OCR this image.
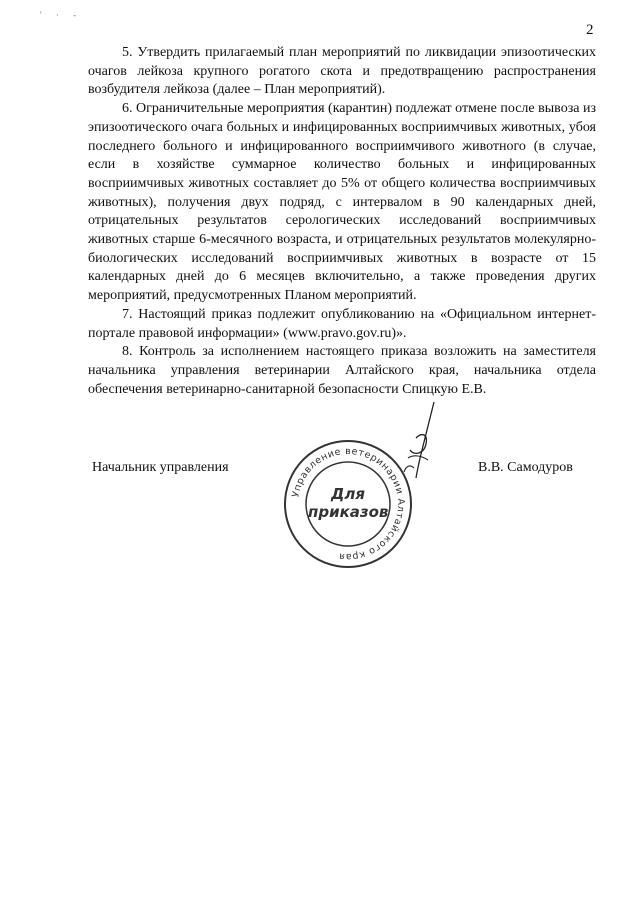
' · -
2

5. Утвердить прилагаемый план мероприятий по ликвидации эпизоотических очагов лейкоза крупного рогатого скота и предотвращению распространения возбудителя лейкоза (далее – План мероприятий).

6. Ограничительные мероприятия (карантин) подлежат отмене после вывоза из эпизоотического очага больных и инфицированных восприимчивых животных, убоя последнего больного и инфицированного восприимчивого животного (в случае, если в хозяйстве суммарное количество больных и инфицированных восприимчивых животных составляет до 5% от общего количества восприимчивых животных), получения двух подряд, с интервалом в 90 календарных дней, отрицательных результатов серологических исследований восприимчивых животных старше 6-месячного возраста, и отрицательных результатов молекулярно-биологических исследований восприимчивых животных в возрасте от 15 календарных дней до 6 месяцев включительно, а также проведения других мероприятий, предусмотренных Планом мероприятий.

7. Настоящий приказ подлежит опубликованию на «Официальном интернет-портале правовой информации» (www.pravo.gov.ru)».

8. Контроль за исполнением настоящего приказа возложить на заместителя начальника управления ветеринарии Алтайского края, начальника отдела обеспечения ветеринарно-санитарной безопасности Спицкую Е.В.

Начальник управления
Управление ветеринарии Алтайского края
Для
приказов
В.В. Самодуров
